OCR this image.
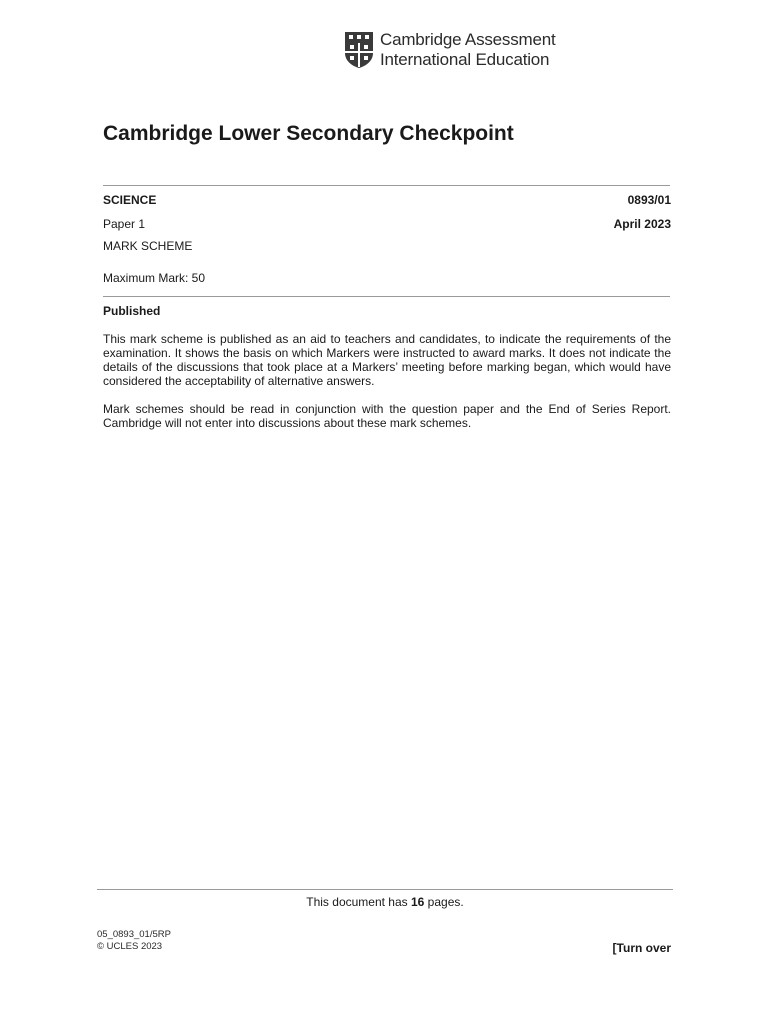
Cambridge Assessment
International Education
Cambridge Lower Secondary Checkpoint
SCIENCE	0893/01
Paper 1	April 2023
MARK SCHEME
Maximum Mark: 50
Published

This mark scheme is published as an aid to teachers and candidates, to indicate the requirements of the examination. It shows the basis on which Markers were instructed to award marks. It does not indicate the details of the discussions that took place at a Markers’ meeting before marking began, which would have considered the acceptability of alternative answers.

Mark schemes should be read in conjunction with the question paper and the End of Series Report. Cambridge will not enter into discussions about these mark schemes.

This document has 16 pages.
05_0893_01/5RP
© UCLES 2023	[Turn over
